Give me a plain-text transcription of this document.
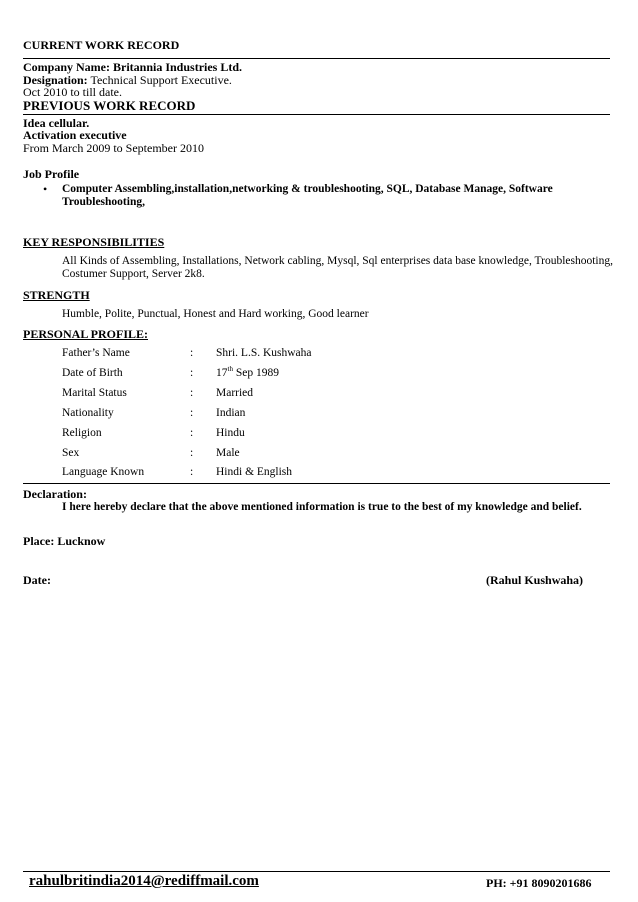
CURRENT WORK RECORD
Company Name: Britannia Industries Ltd.
Designation: Technical Support Executive.
Oct 2010 to till date.
PREVIOUS WORK RECORD
Idea cellular.
Activation executive
From March 2009 to September 2010
Job Profile
• Computer Assembling,installation,networking & troubleshooting, SQL, Database Manage, Software
Troubleshooting,
KEY RESPONSIBILITIES
All Kinds of Assembling, Installations, Network cabling, Mysql, Sql enterprises data base knowledge, Troubleshooting,
Costumer Support, Server 2k8.
STRENGTH
Humble, Polite, Punctual, Honest and Hard working, Good learner
PERSONAL PROFILE:
Father’s Name	: Shri. L.S. Kushwaha
Date of Birth	: 17th Sep 1989
Marital Status	: Married
Nationality	: Indian
Religion	: Hindu
Sex	: Male
Language Known	: Hindi & English
Declaration:
I here hereby declare that the above mentioned information is true to the best of my knowledge and belief.
Place: Lucknow
Date:	(Rahul Kushwaha)
rahulbritindia2014@rediffmail.com	PH: +91 8090201686
